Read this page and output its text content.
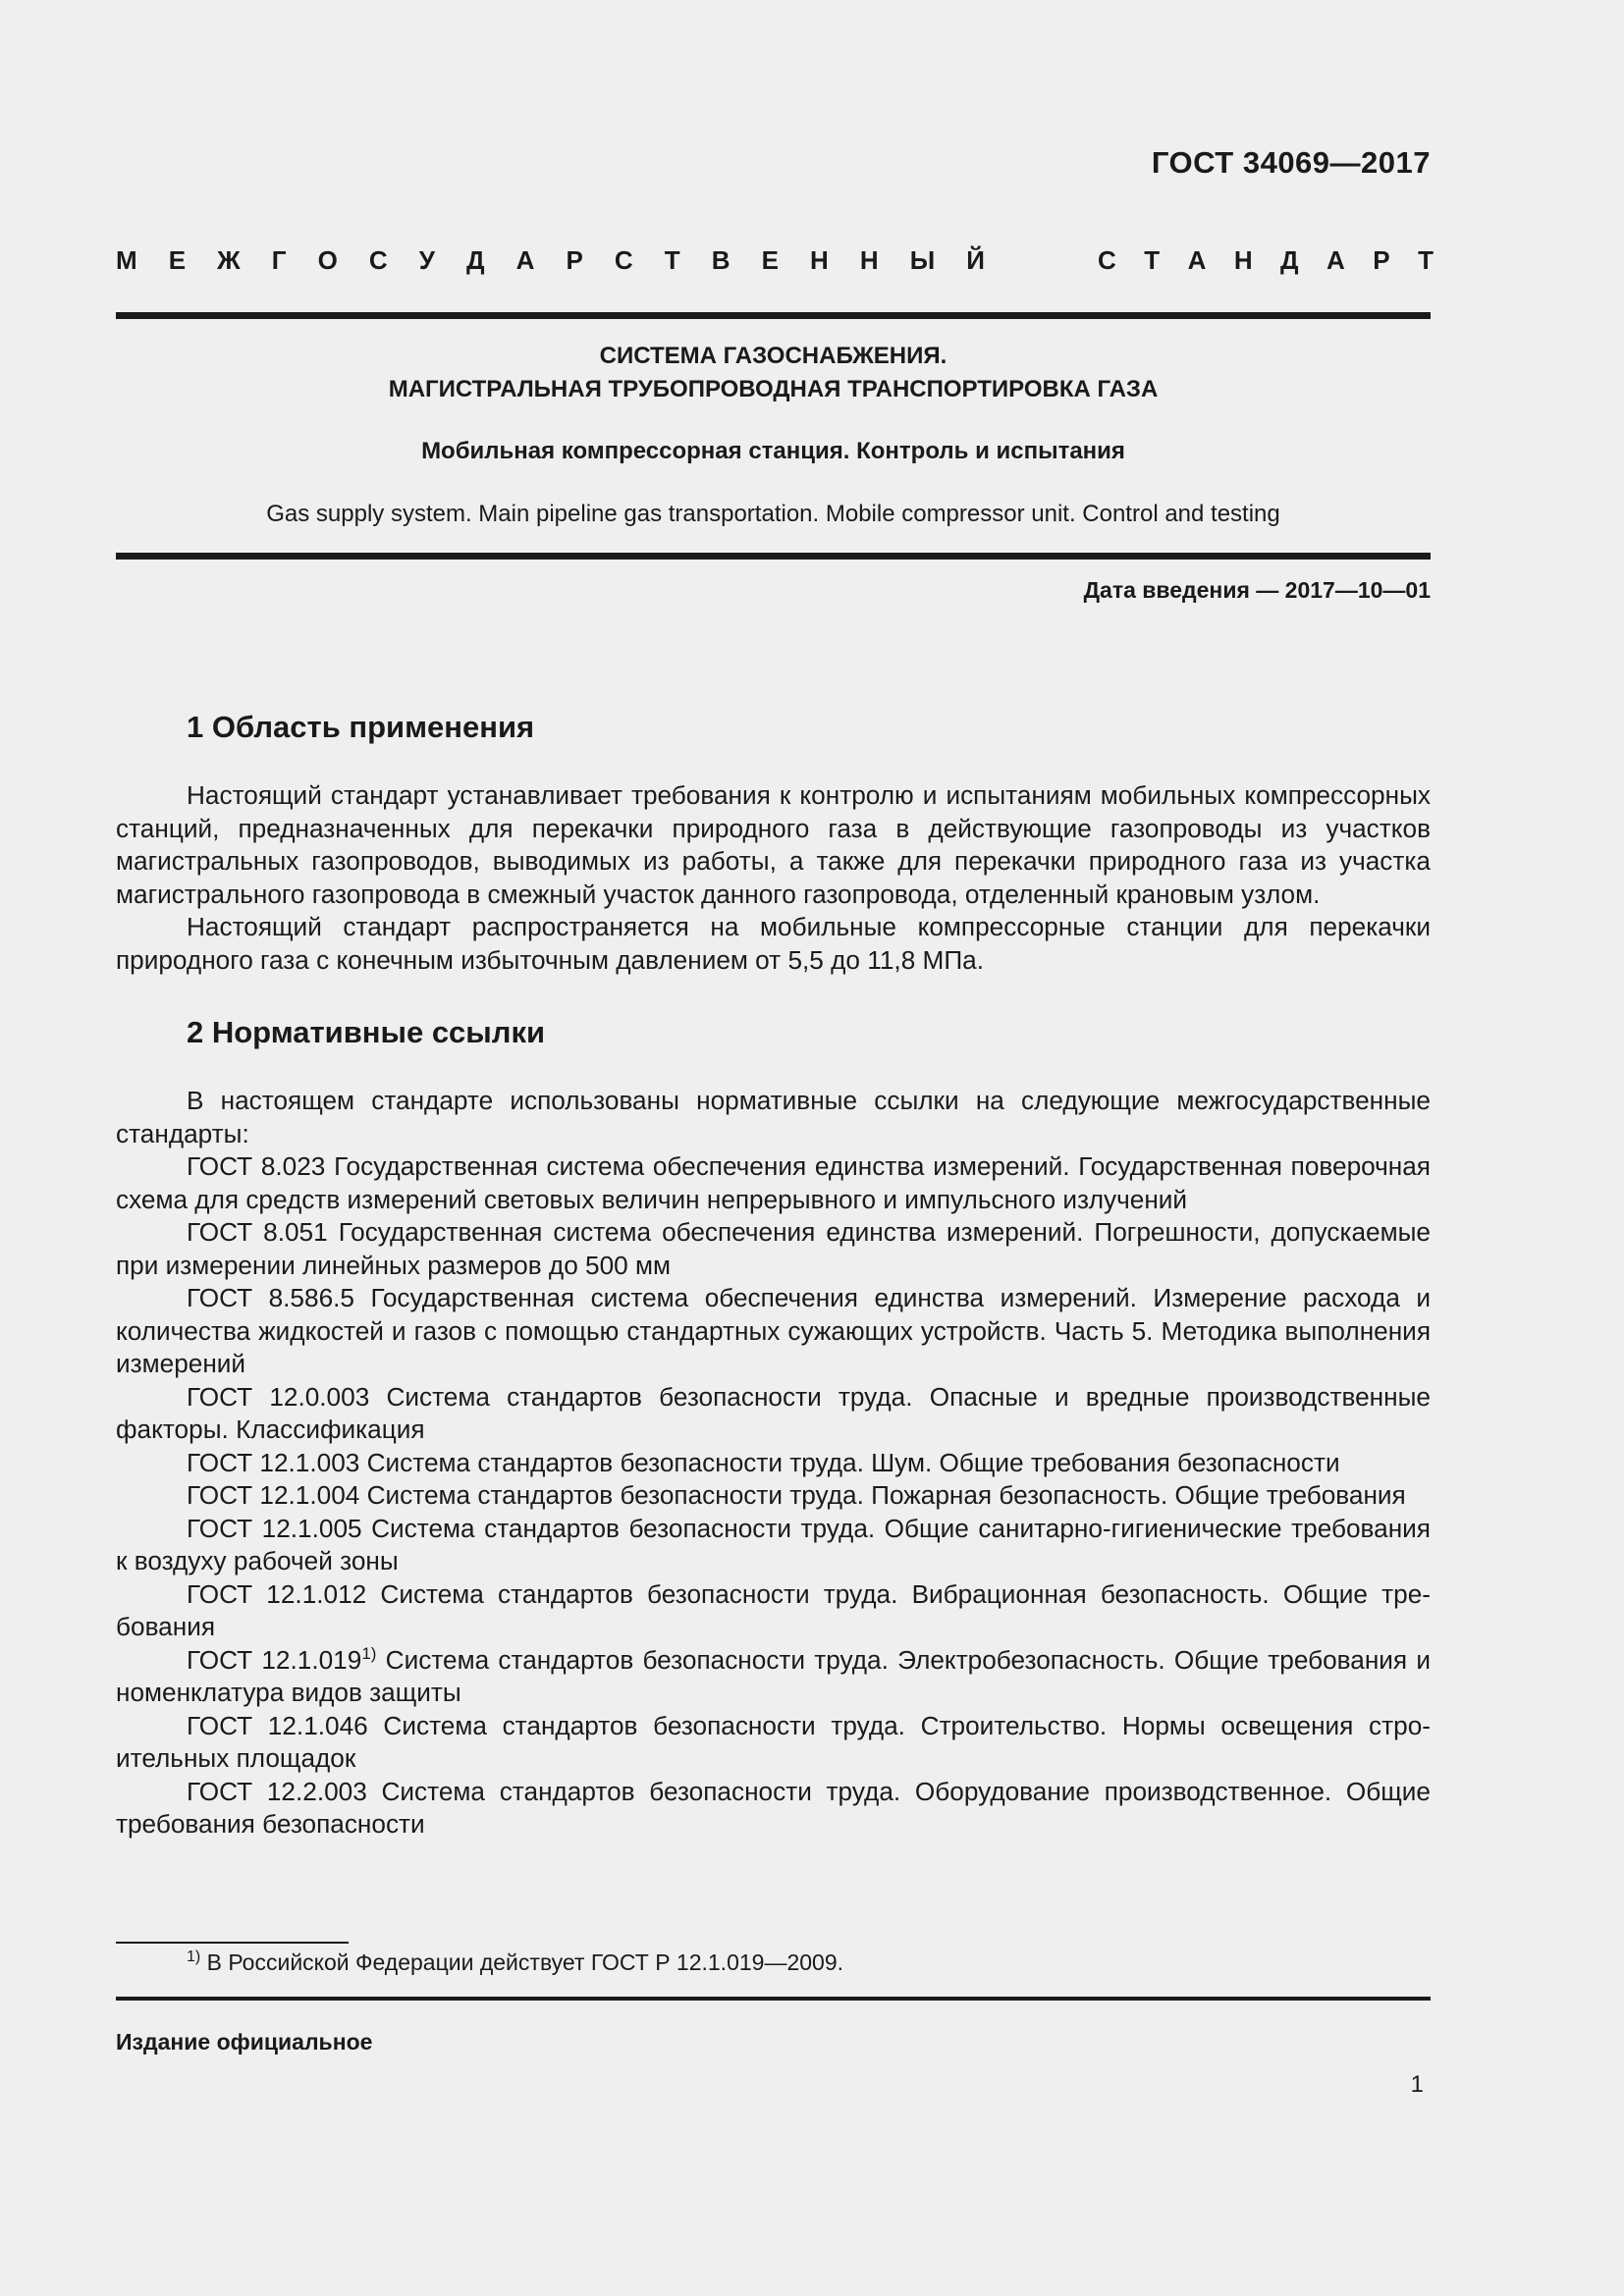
ГОСТ 34069—2017
М Е Ж Г О С У Д А Р С Т В Е Н Н Ы Й	С Т А Н Д А Р Т
СИСТЕМА ГАЗОСНАБЖЕНИЯ.
МАГИСТРАЛЬНАЯ ТРУБОПРОВОДНАЯ ТРАНСПОРТИРОВКА ГАЗА
Мобильная компрессорная станция. Контроль и испытания
Gas supply system. Main pipeline gas transportation. Mobile compressor unit. Control and testing
Дата введения — 2017—10—01
1 Область применения

Настоящий стандарт устанавливает требования к контролю и испытаниям мобильных компрессорных станций, предназначенных для перекачки природного газа в действующие газопроводы из участков магистральных газопроводов, выводимых из работы, а также для перекачки природного газа из участка магистрального газопровода в смежный участок данного газопровода, отделенный крановым узлом.

Настоящий стандарт распространяется на мобильные компрессорные станции для перекачки природного газа с конечным избыточным давлением от 5,5 до 11,8 МПа.

2 Нормативные ссылки

В настоящем стандарте использованы нормативные ссылки на следующие межгосударственные стандарты:

ГОСТ 8.023 Государственная система обеспечения единства измерений. Государственная поверочная схема для средств измерений световых величин непрерывного и импульсного излучений

ГОСТ 8.051 Государственная система обеспечения единства измерений. Погрешности, допускаемые при измерении линейных размеров до 500 мм

ГОСТ 8.586.5 Государственная система обеспечения единства измерений. Измерение расхода и количества жидкостей и газов с помощью стандартных сужающих устройств. Часть 5. Методика выполнения измерений

ГОСТ 12.0.003 Система стандартов безопасности труда. Опасные и вредные производственные факторы. Классификация

ГОСТ 12.1.003 Система стандартов безопасности труда. Шум. Общие требования безопасности

ГОСТ 12.1.004 Система стандартов безопасности труда. Пожарная безопасность. Общие требования

ГОСТ 12.1.005 Система стандартов безопасности труда. Общие санитарно-гигиенические требования к воздуху рабочей зоны

ГОСТ 12.1.012 Система стандартов безопасности труда. Вибрационная безопасность. Общие требования

ГОСТ 12.1.019$^{1)}$ Система стандартов безопасности труда. Электробезопасность. Общие требования и номенклатура видов защиты

ГОСТ 12.1.046 Система стандартов безопасности труда. Строительство. Нормы освещения строительных площадок

ГОСТ 12.2.003 Система стандартов безопасности труда. Оборудование производственное. Общие требования безопасности

$^{1)}$ В Российской Федерации действует ГОСТ Р 12.1.019—2009.
Издание официальное
1
